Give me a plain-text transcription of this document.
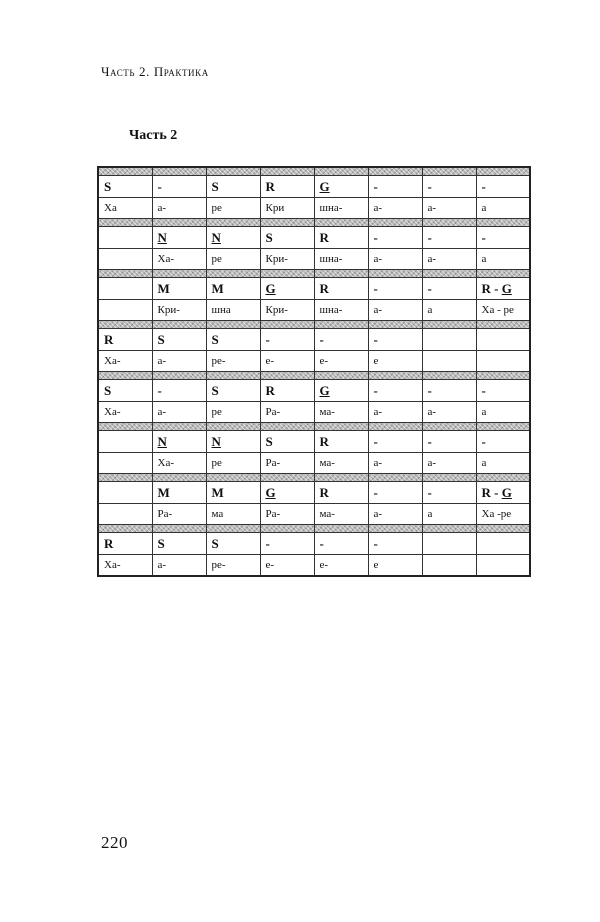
Часть 2. Практика
Часть 2

S	-	S	R	G	-	-	-
Ха	а-	ре	Кри	шна-	а-	а-	а

	N	N	S	R	-	-	-
	Ха-	ре	Кри-	шна-	а-	а-	а

	M	M	G	R	-	-	R - G
	Кри-	шна	Кри-	шна-	а-	а	Ха - ре

R	S	S	-	-	-		
Ха-	а-	ре-	е-	е-	е		

S	-	S	R	G	-	-	-
Ха-	а-	ре	Ра-	ма-	а-	а-	а

	N	N	S	R	-	-	-
	Ха-	ре	Ра-	ма-	а-	а-	а

	M	M	G	R	-	-	R - G
	Ра-	ма	Ра-	ма-	а-	а	Ха -ре

R	S	S	-	-	-		
Ха-	а-	ре-	е-	е-	е		
220
